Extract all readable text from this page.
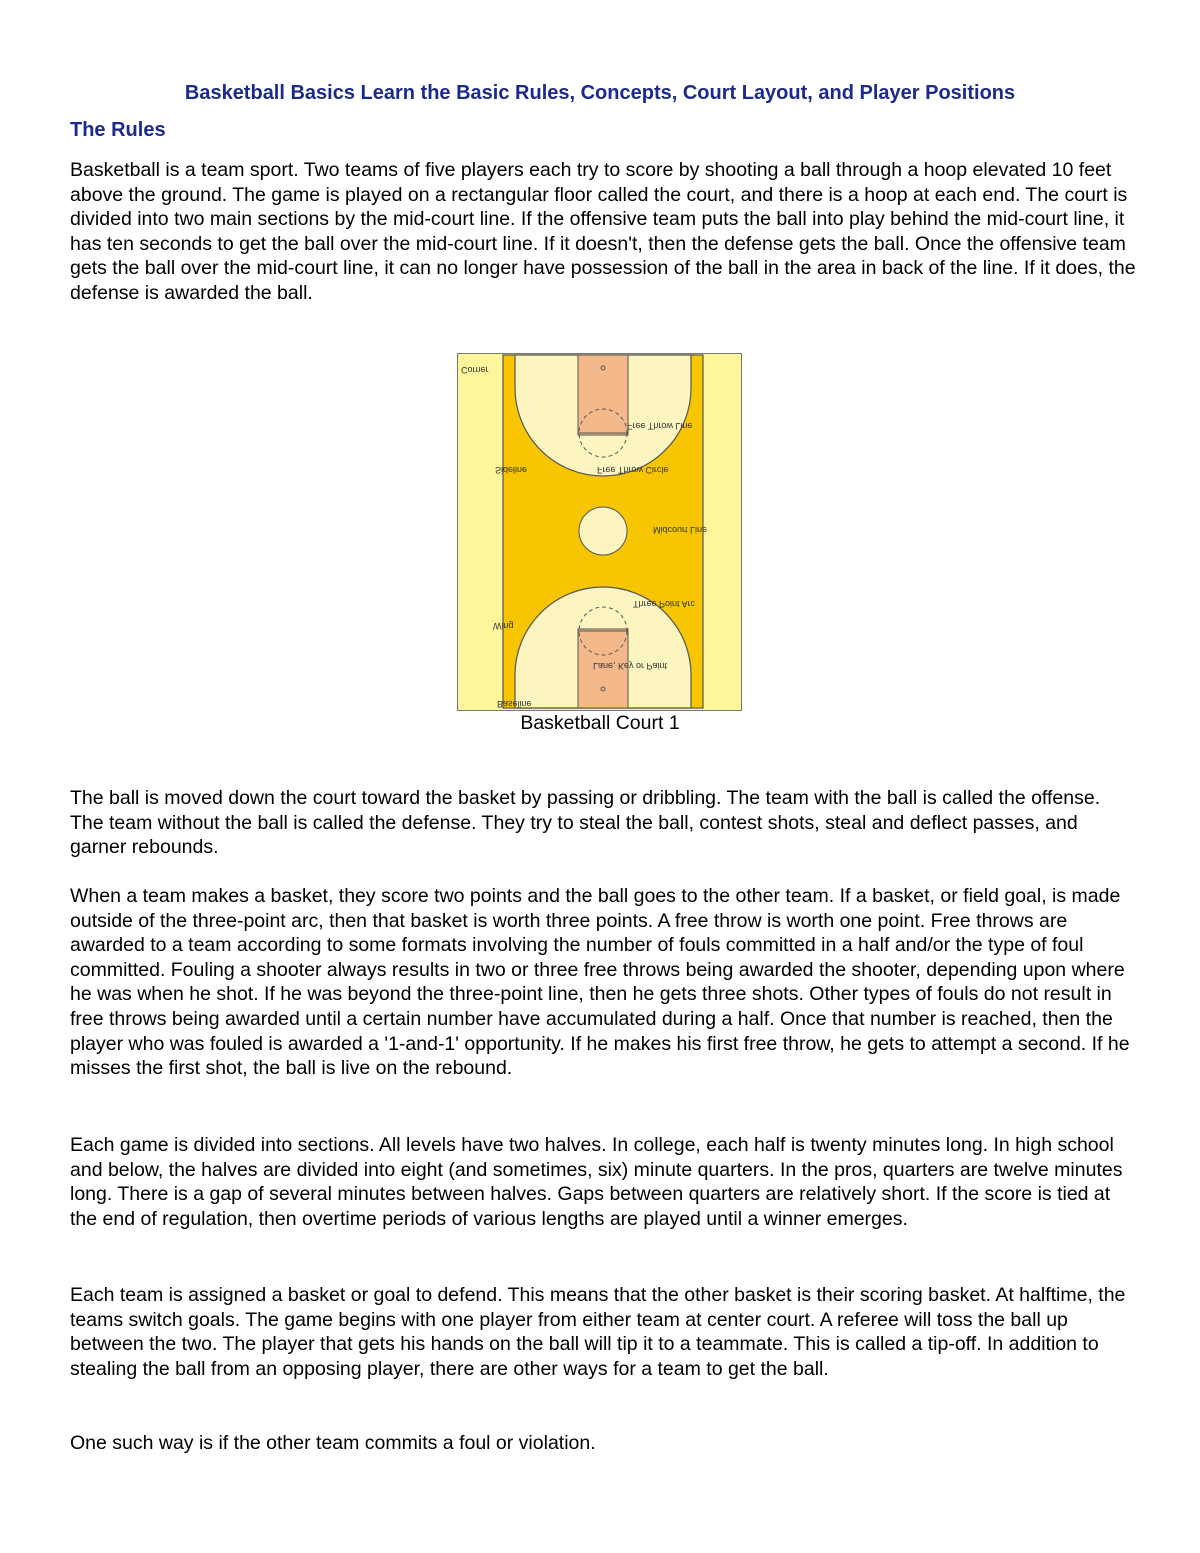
Basketball Basics Learn the Basic Rules, Concepts, Court Layout, and Player Positions
The Rules

Basketball is a team sport. Two teams of five players each try to score by shooting a ball through a hoop elevated 10 feet above the ground. The game is played on a rectangular floor called the court, and there is a hoop at each end. The court is divided into two main sections by the mid-court line. If the offensive team puts the ball into play behind the mid-court line, it has ten seconds to get the ball over the mid-court line. If it doesn't, then the defense gets the ball. Once the offensive team gets the ball over the mid-court line, it can no longer have possession of the ball in the area in back of the line. If it does, the defense is awarded the ball.

Corner
Free Throw Line
Sideline	Free Throw Circle
Midcourt Line
Three Point Arc
Wing
Lane, Key or Paint
Baseline
Basketball Court 1

The ball is moved down the court toward the basket by passing or dribbling. The team with the ball is called the offense. The team without the ball is called the defense. They try to steal the ball, contest shots, steal and deflect passes, and garner rebounds.

When a team makes a basket, they score two points and the ball goes to the other team. If a basket, or field goal, is made outside of the three-point arc, then that basket is worth three points. A free throw is worth one point. Free throws are awarded to a team according to some formats involving the number of fouls committed in a half and/or the type of foul committed. Fouling a shooter always results in two or three free throws being awarded the shooter, depending upon where he was when he shot. If he was beyond the three-point line, then he gets three shots. Other types of fouls do not result in free throws being awarded until a certain number have accumulated during a half. Once that number is reached, then the player who was fouled is awarded a '1-and-1' opportunity. If he makes his first free throw, he gets to attempt a second. If he misses the first shot, the ball is live on the rebound.

Each game is divided into sections. All levels have two halves. In college, each half is twenty minutes long. In high school and below, the halves are divided into eight (and sometimes, six) minute quarters. In the pros, quarters are twelve minutes long. There is a gap of several minutes between halves. Gaps between quarters are relatively short. If the score is tied at the end of regulation, then overtime periods of various lengths are played until a winner emerges.

Each team is assigned a basket or goal to defend. This means that the other basket is their scoring basket. At halftime, the teams switch goals. The game begins with one player from either team at center court. A referee will toss the ball up between the two. The player that gets his hands on the ball will tip it to a teammate. This is called a tip-off. In addition to stealing the ball from an opposing player, there are other ways for a team to get the ball.

One such way is if the other team commits a foul or violation.
